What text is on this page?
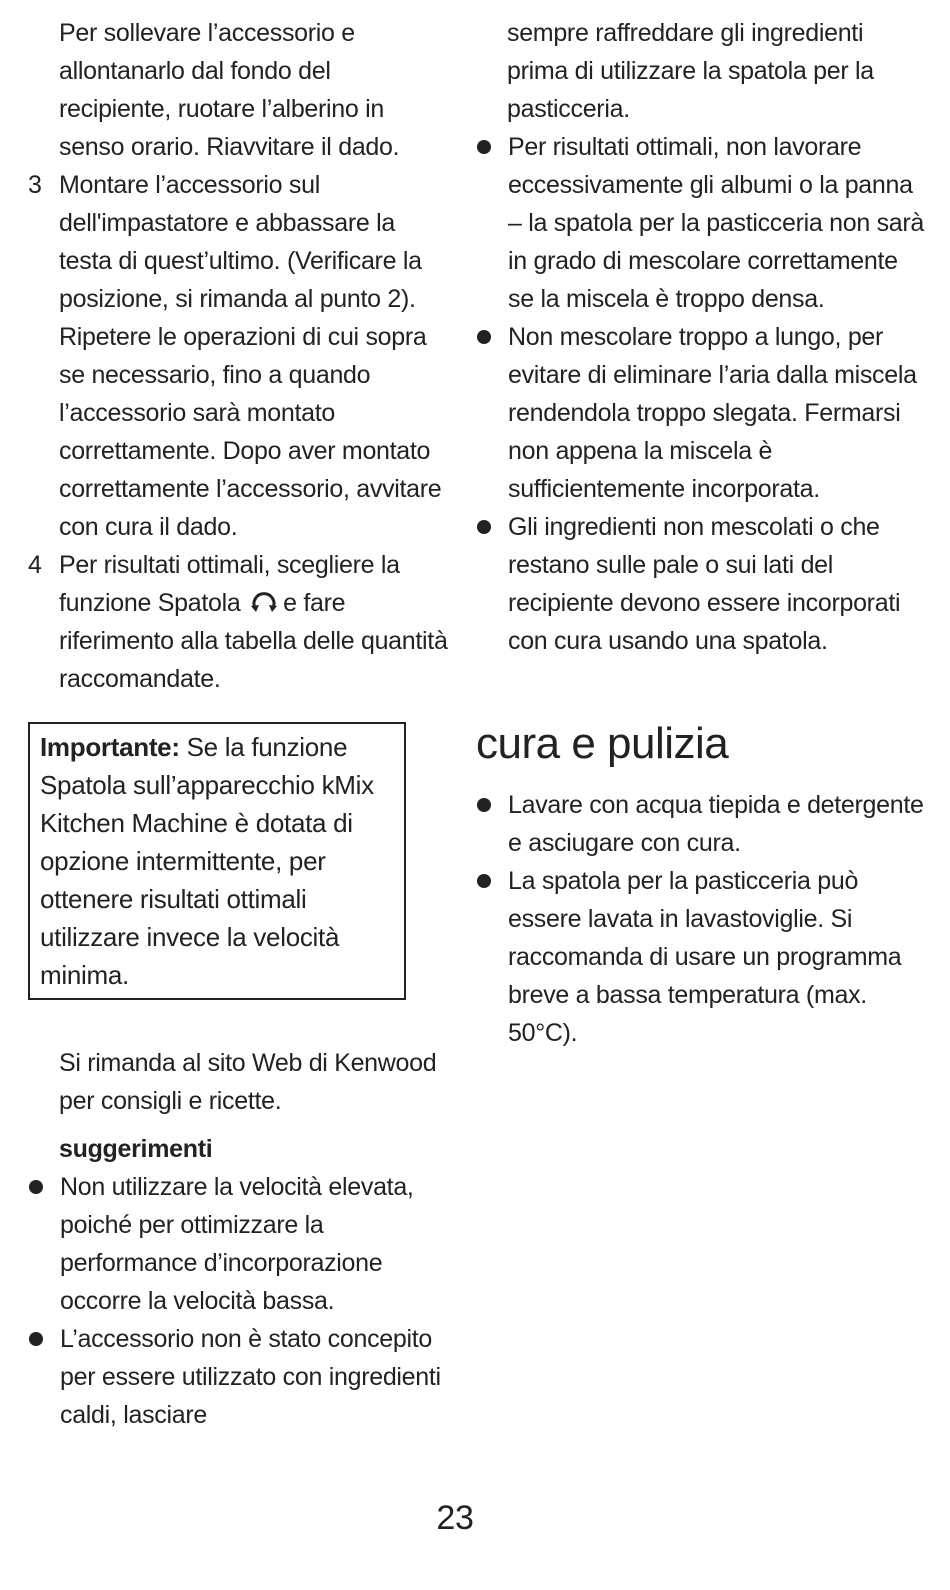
Per sollevare l’accessorio e allontanarlo dal fondo del recipiente, ruotare l’alberino in senso orario. Riavvitare il dado.

3 Montare l’accessorio sul dell'impastatore e abbassare la testa di quest’ultimo. (Verificare la posizione, si rimanda al punto 2). Ripetere le operazioni di cui sopra se necessario, fino a quando l’accessorio sarà montato correttamente. Dopo aver montato correttamente l’accessorio, avvitare con cura il dado.

4 Per risultati ottimali, scegliere la funzione Spatola e fare riferimento alla tabella delle quantità raccomandate.

Importante: Se la funzione Spatola sull’apparecchio kMix Kitchen Machine è dotata di opzione intermittente, per ottenere risultati ottimali utilizzare invece la velocità minima.

Si rimanda al sito Web di Kenwood per consigli e ricette.

suggerimenti

Non utilizzare la velocità elevata, poiché per ottimizzare la performance d’incorporazione occorre la velocità bassa.

L’accessorio non è stato concepito per essere utilizzato con ingredienti caldi, lasciare

sempre raffreddare gli ingredienti prima di utilizzare la spatola per la pasticceria.

Per risultati ottimali, non lavorare eccessivamente gli albumi o la panna – la spatola per la pasticceria non sarà in grado di mescolare correttamente se la miscela è troppo densa.

Non mescolare troppo a lungo, per evitare di eliminare l’aria dalla miscela rendendola troppo slegata. Fermarsi non appena la miscela è sufficientemente incorporata.

Gli ingredienti non mescolati o che restano sulle pale o sui lati del recipiente devono essere incorporati con cura usando una spatola.

cura e pulizia

Lavare con acqua tiepida e detergente e asciugare con cura.

La spatola per la pasticceria può essere lavata in lavastoviglie. Si raccomanda di usare un programma breve a bassa temperatura (max. 50°C).

23
